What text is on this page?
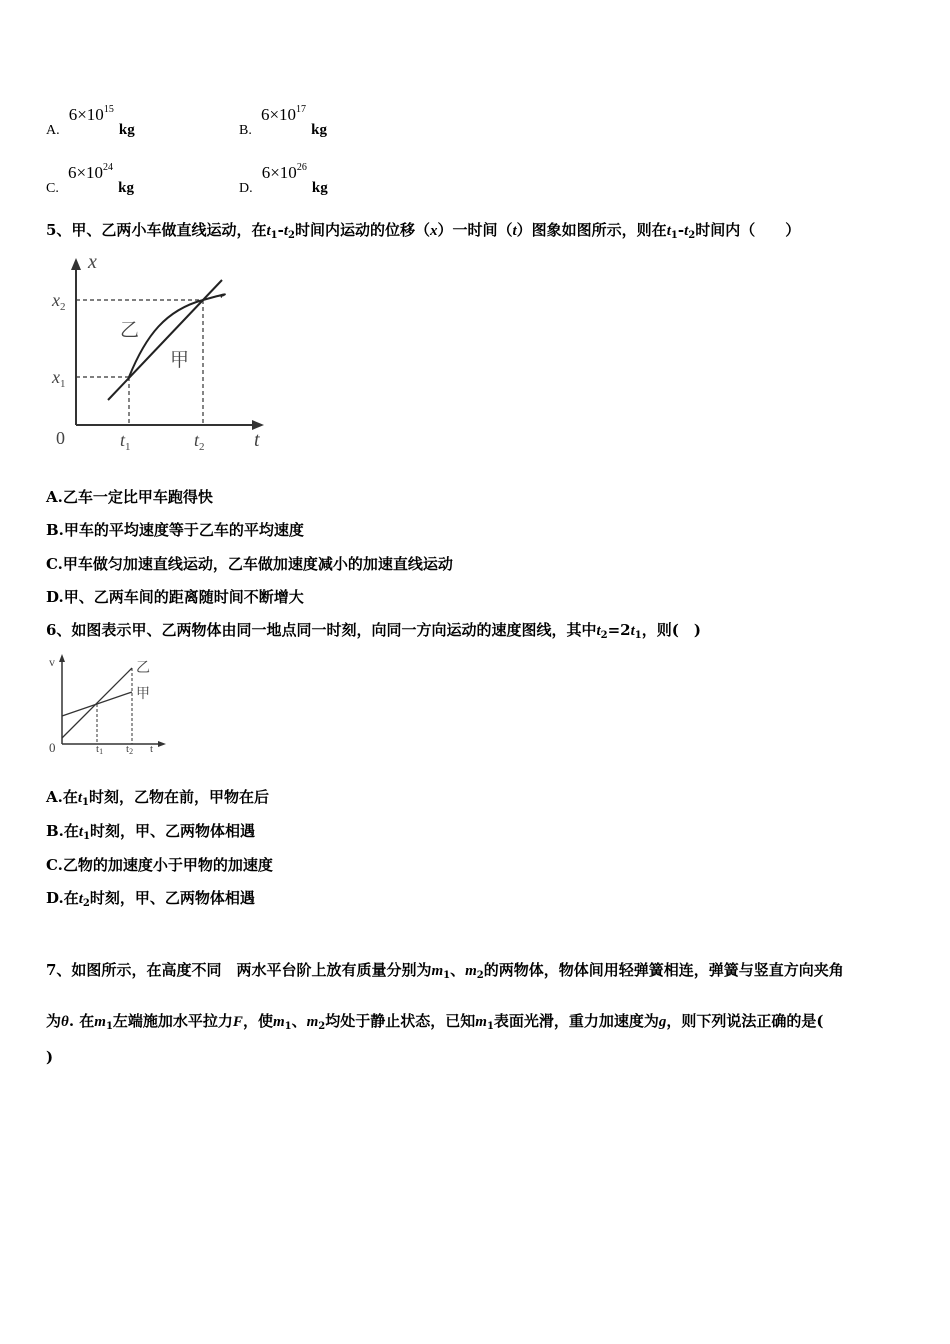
A. $6\times 10^{15}$ kg	B. $6\times 10^{17}$ kg
C. $6\times 10^{24}$ kg	D. $6\times 10^{26}$ kg
5、甲、乙两小车做直线运动，在$t_1-t_2$时间内运动的位移（x）一时间（t）图象如图所示，则在$t_1-t_2$时间内（　　）
x
t
0
$x_2$
$x_1$
$t_1$	$t_2$
乙
甲
A.乙车一定比甲车跑得快
B.甲车的平均速度等于乙车的平均速度
C.甲车做匀加速直线运动，乙车做加速度减小的加速直线运动
D.甲、乙两车间的距离随时间不断增大
6、如图表示甲、乙两物体由同一地点同一时刻，向同一方向运动的速度图线，其中$t_2=2t_1$，则(　)
v
0	t
t1 t2
乙
甲
A.在$t_1$时刻，乙物在前，甲物在后
B.在$t_1$时刻，甲、乙两物体相遇
C.乙物的加速度小于甲物的加速度
D.在$t_2$时刻，甲、乙两物体相遇
7、如图所示，在高度不同　两水平台阶上放有质量分别为$m_1$、$m_2$的两物体，物体间用轻弹簧相连，弹簧与竖直方向夹角
为θ. 在$m_1$左端施加水平拉力F，使$m_1$、$m_2$均处于静止状态，已知$m_1$表面光滑，重力加速度为g，则下列说法正确的是(
)
